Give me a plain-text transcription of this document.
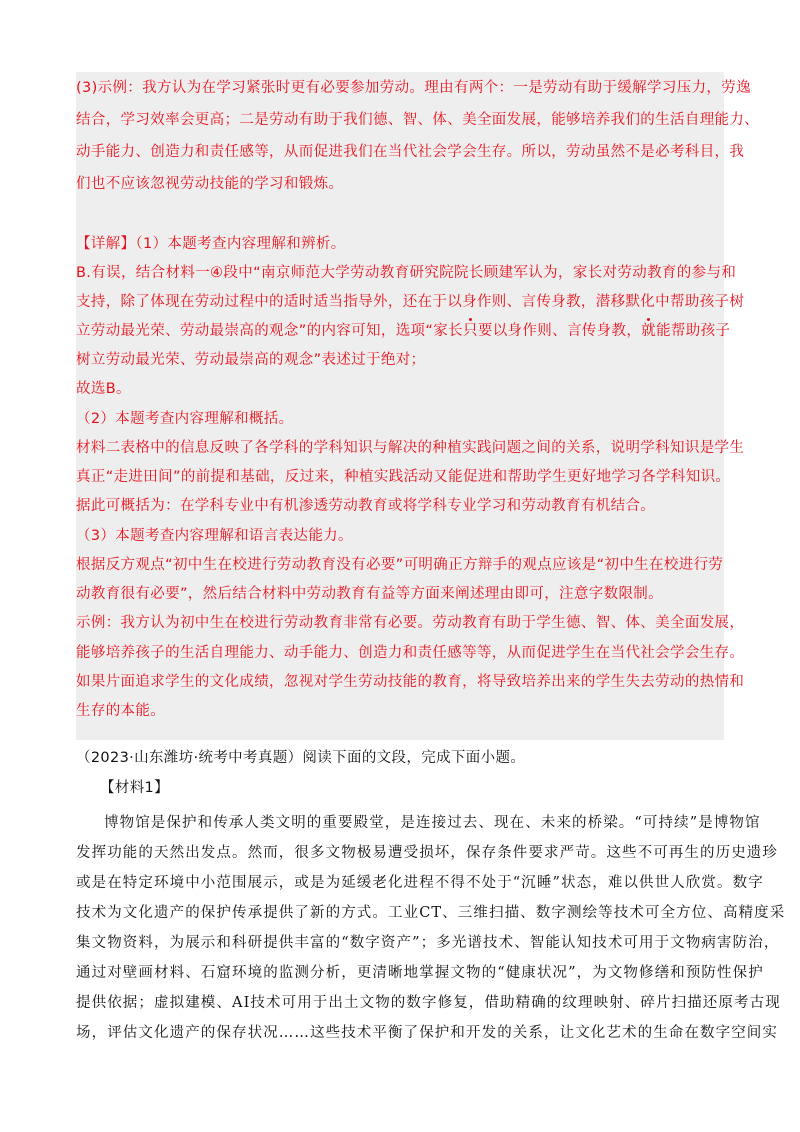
(3)示例：我方认为在学习紧张时更有必要参加劳动。理由有两个：一是劳动有助于缓解学习压力，劳逸
结合，学习效率会更高；二是劳动有助于我们德、智、体、美全面发展，能够培养我们的生活自理能力、
动手能力、创造力和责任感等，从而促进我们在当代社会学会生存。所以，劳动虽然不是必考科目，我
们也不应该忽视劳动技能的学习和锻炼。
【详解】（1）本题考查内容理解和辨析。
B.有误，结合材料一④段中“南京师范大学劳动教育研究院院长顾建军认为，家长对劳动教育的参与和
支持，除了体现在劳动过程中的适时适当指导外，还在于以身作则、言传身教，潜移默化中帮助孩子树
立劳动最光荣、劳动最崇高的观念”的内容可知，选项“家长只要以身作则、言传身教，就能帮助孩子
树立劳动最光荣、劳动最崇高的观念”表述过于绝对；
故选B。
（2）本题考查内容理解和概括。
材料二表格中的信息反映了各学科的学科知识与解决的种植实践问题之间的关系，说明学科知识是学生
真正“走进田间”的前提和基础，反过来，种植实践活动又能促进和帮助学生更好地学习各学科知识。
据此可概括为：在学科专业中有机渗透劳动教育或将学科专业学习和劳动教育有机结合。
（3）本题考查内容理解和语言表达能力。
根据反方观点“初中生在校进行劳动教育没有必要”可明确正方辩手的观点应该是“初中生在校进行劳
动教育很有必要”，然后结合材料中劳动教育有益等方面来阐述理由即可，注意字数限制。
示例：我方认为初中生在校进行劳动教育非常有必要。劳动教育有助于学生德、智、体、美全面发展，
能够培养孩子的生活自理能力、动手能力、创造力和责任感等等，从而促进学生在当代社会学会生存。
如果片面追求学生的文化成绩，忽视对学生劳动技能的教育，将导致培养出来的学生失去劳动的热情和
生存的本能。
（2023·山东潍坊·统考中考真题）阅读下面的文段，完成下面小题。
【材料1】
博物馆是保护和传承人类文明的重要殿堂，是连接过去、现在、未来的桥梁。“可持续”是博物馆
发挥功能的天然出发点。然而，很多文物极易遭受损坏，保存条件要求严苛。这些不可再生的历史遗珍
或是在特定环境中小范围展示，或是为延缓老化进程不得不处于“沉睡”状态，难以供世人欣赏。数字
技术为文化遗产的保护传承提供了新的方式。工业CT、三维扫描、数字测绘等技术可全方位、高精度采
集文物资料，为展示和科研提供丰富的“数字资产”；多光谱技术、智能认知技术可用于文物病害防治，
通过对壁画材料、石窟环境的监测分析，更清晰地掌握文物的“健康状况”，为文物修缮和预防性保护
提供依据；虚拟建模、AI技术可用于出土文物的数字修复，借助精确的纹理映射、碎片扫描还原考古现
场，评估文化遗产的保存状况……这些技术平衡了保护和开发的关系，让文化艺术的生命在数字空间实
